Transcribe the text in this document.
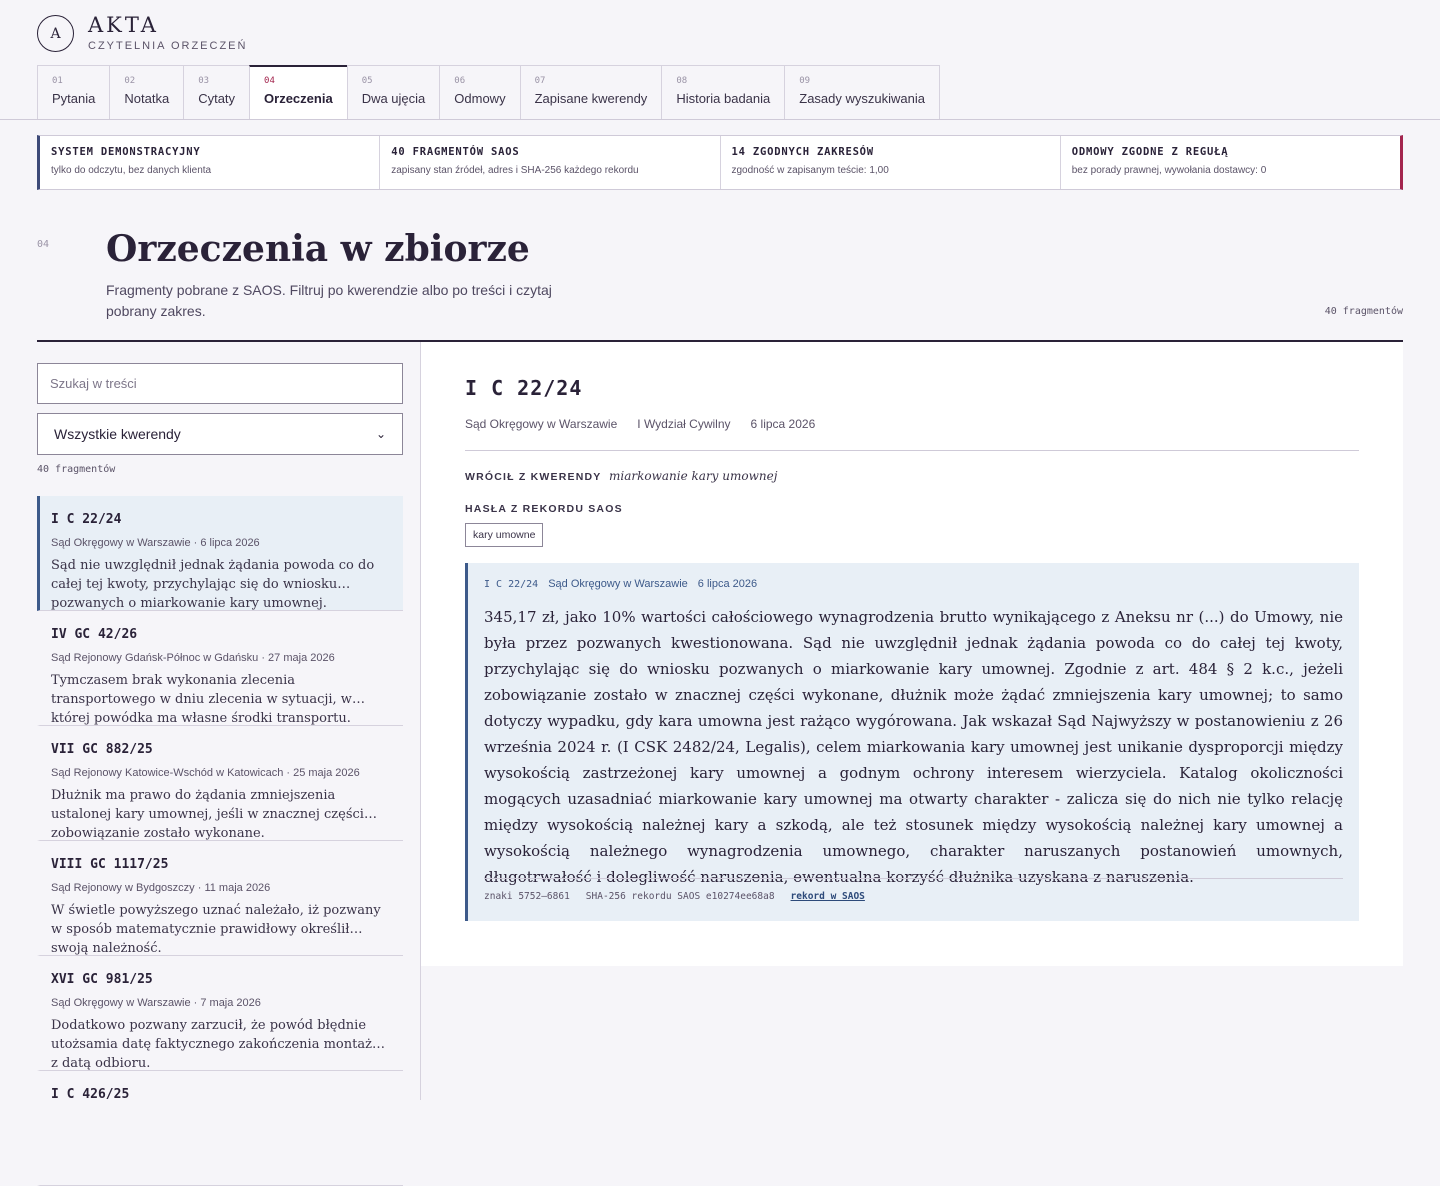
A	AKTA
CZYTELNIA ORZECZEŃ
01
Pytania
02
Notatka
03
Cytaty
04
Orzeczenia
05
Dwa ujęcia
06
Odmowy
07
Zapisane kwerendy
08
Historia badania
09
Zasady wyszukiwania
SYSTEM DEMONSTRACYJNY
tylko do odczytu, bez danych klienta
40 FRAGMENTÓW SAOS
zapisany stan źródeł, adres i SHA-256 każdego rekordu
14 ZGODNYCH ZAKRESÓW
zgodność w zapisanym teście: 1,00
ODMOWY ZGODNE Z REGUŁĄ
bez porady prawnej, wywołania dostawcy: 0
04 Orzeczenia w zbiorze

Fragmenty pobrane z SAOS. Filtruj po kwerendzie albo po treści i czytaj pobrany zakres.	40 fragmentów
Szukaj w treści
Wszystkie kwerendy	⌄
40 fragmentów
I C 22/24
Sąd Okręgowy w Warszawie · 6 lipca 2026
Sąd nie uwzględnił jednak żądania powoda co do całej tej kwoty, przychylając się do wniosku pozwanych o miarkowanie kary umownej.
IV GC 42/26
Sąd Rejonowy Gdańsk-Północ w Gdańsku · 27 maja 2026
Tymczasem brak wykonania zlecenia transportowego w dniu zlecenia w sytuacji, w której powódka ma własne środki transportu.
VII GC 882/25
Sąd Rejonowy Katowice-Wschód w Katowicach · 25 maja 2026
Dłużnik ma prawo do żądania zmniejszenia ustalonej kary umownej, jeśli w znacznej części zobowiązanie zostało wykonane.
VIII GC 1117/25
Sąd Rejonowy w Bydgoszczy · 11 maja 2026
W świetle powyższego uznać należało, iż pozwany w sposób matematycznie prawidłowy określił swoją należność.
XVI GC 981/25
Sąd Okręgowy w Warszawie · 7 maja 2026
Dodatkowo pozwany zarzucił, że powód błędnie utożsamia datę faktycznego zakończenia montażu z datą odbioru.
I C 426/25
I C 22/24
Sąd Okręgowy w Warszawie I Wydział Cywilny 6 lipca 2026
WRÓCIŁ Z KWERENDY miarkowanie kary umownej
HASŁA Z REKORDU SAOS
kary umowne
I C 22/24 Sąd Okręgowy w Warszawie 6 lipca 2026

345,17 zł, jako 10% wartości całościowego wynagrodzenia brutto wynikającego z Aneksu nr (...) do Umowy, nie była przez pozwanych kwestionowana. Sąd nie uwzględnił jednak żądania powoda co do całej tej kwoty, przychylając się do wniosku pozwanych o miarkowanie kary umownej. Zgodnie z art. 484 § 2 k.c., jeżeli zobowiązanie zostało w znacznej części wykonane, dłużnik może żądać zmniejszenia kary umownej; to samo dotyczy wypadku, gdy kara umowna jest rażąco wygórowana. Jak wskazał Sąd Najwyższy w postanowieniu z 26 września 2024 r. (I CSK 2482/24, Legalis), celem miarkowania kary umownej jest unikanie dysproporcji między wysokością zastrzeżonej kary umownej a godnym ochrony interesem wierzyciela. Katalog okoliczności mogących uzasadniać miarkowanie kary umownej ma otwarty charakter - zalicza się do nich nie tylko relację między wysokością należnej kary a szkodą, ale też stosunek między wysokością należnej kary umownej a wysokością należnego wynagrodzenia umownego, charakter naruszanych postanowień umownych, długotrwałość i dolegliwość naruszenia, ewentualna korzyść dłużnika uzyskana z naruszenia.

znaki 5752–6861 SHA-256 rekordu SAOS e10274ee68a8 rekord w SAOS
